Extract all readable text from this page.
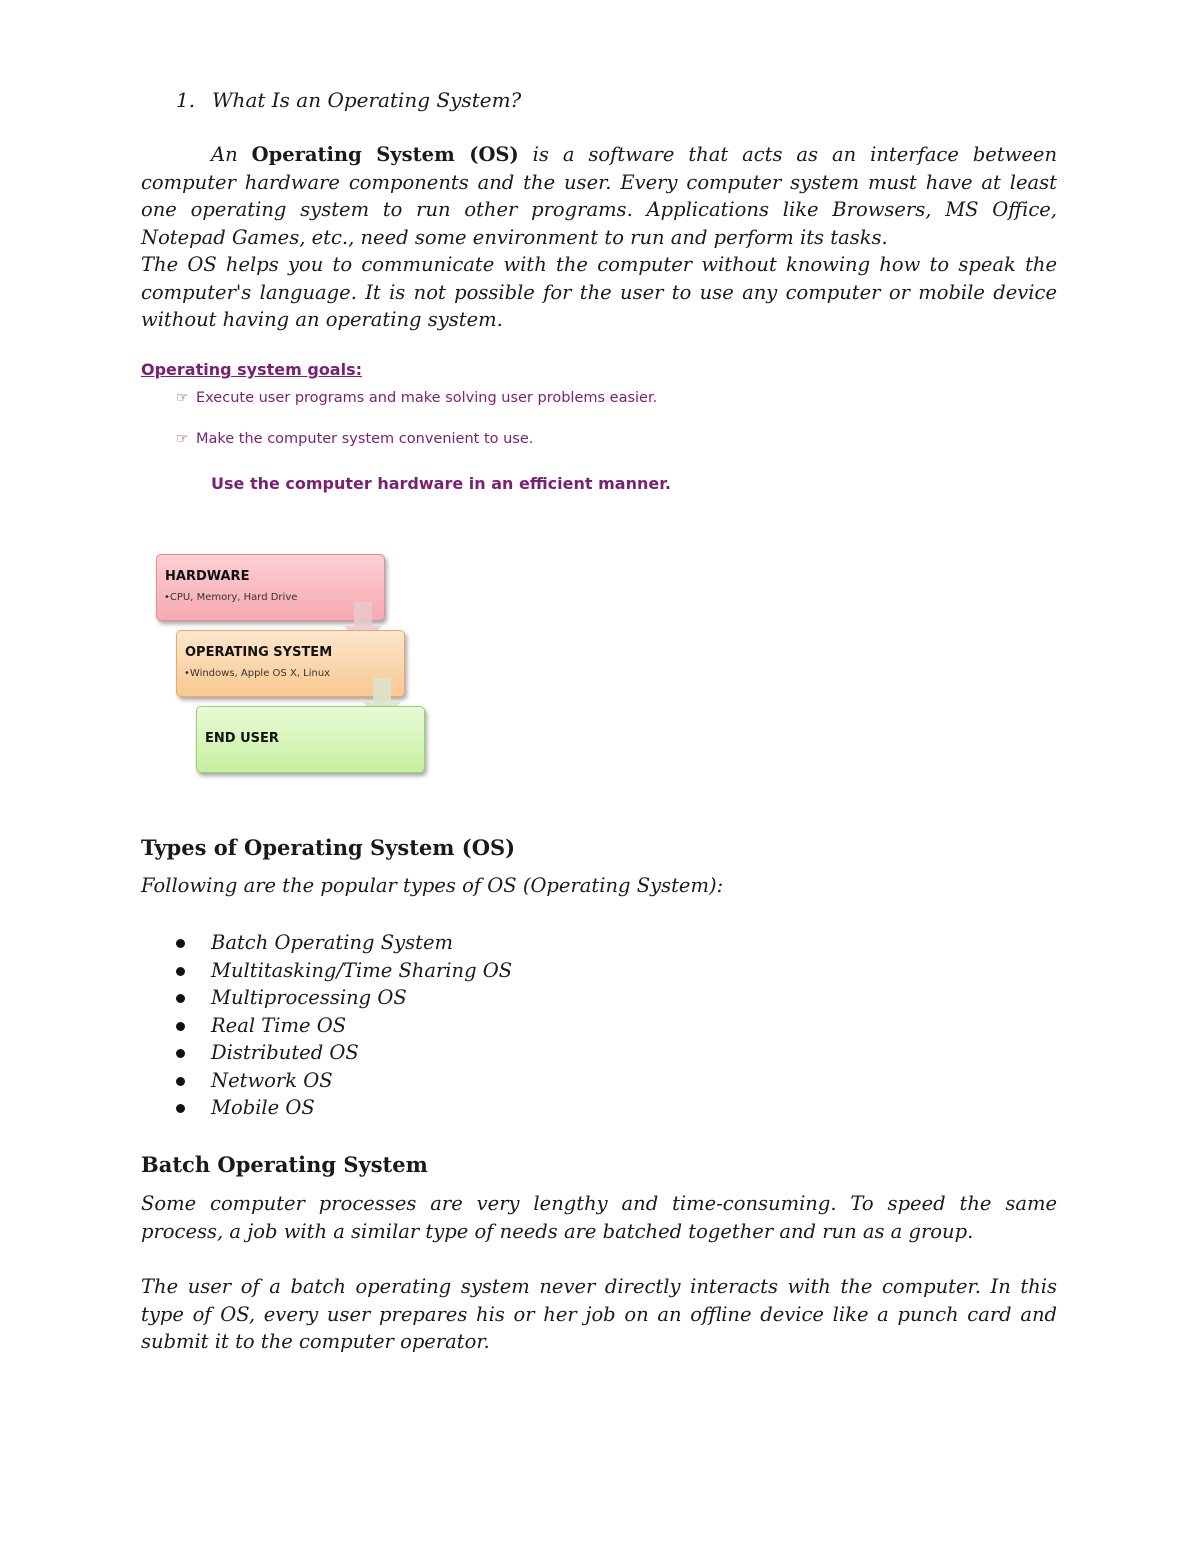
1. What Is an Operating System?
An Operating System (OS) is a software that acts as an interface between computer hardware components and the user. Every computer system must have at least one operating system to run other programs. Applications like Browsers, MS Office, Notepad Games, etc., need some environment to run and perform its tasks.
The OS helps you to communicate with the computer without knowing how to speak the computer's language. It is not possible for the user to use any computer or mobile device without having an operating system.
Operating system goals:
☞ Execute user programs and make solving user problems easier.
☞ Make the computer system convenient to use.
Use the computer hardware in an efficient manner.
HARDWARE
•CPU, Memory, Hard Drive
OPERATING SYSTEM
•Windows, Apple OS X, Linux
END USER
Types of Operating System (OS)
Following are the popular types of OS (Operating System):
Batch Operating System
Multitasking/Time Sharing OS
Multiprocessing OS
Real Time OS
Distributed OS
Network OS
Mobile OS
Batch Operating System
Some computer processes are very lengthy and time-consuming. To speed the same process, a job with a similar type of needs are batched together and run as a group.
The user of a batch operating system never directly interacts with the computer. In this type of OS, every user prepares his or her job on an offline device like a punch card and submit it to the computer operator.
